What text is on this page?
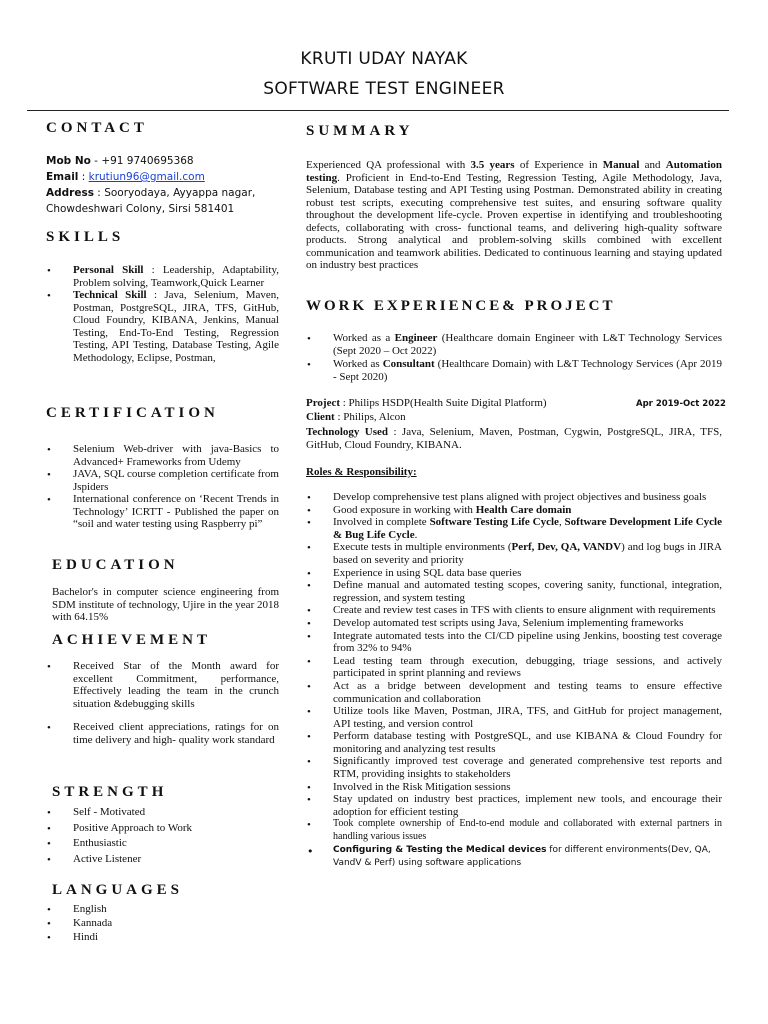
KRUTI UDAY NAYAK
SOFTWARE TEST ENGINEER
CONTACT
Mob No - +91 9740695368
Email : krutiun96@gmail.com
Address : Sooryodaya, Ayyappa nagar,
Chowdeshwari Colony, Sirsi 581401
SKILLS
• Personal Skill : Leadership, Adaptability, Problem solving, Teamwork,Quick Learner
• Technical Skill : Java, Selenium, Maven, Postman, PostgreSQL, JIRA, TFS, GitHub, Cloud Foundry, KIBANA, Jenkins, Manual Testing, End-To-End Testing, Regression Testing, API Testing, Database Testing, Agile Methodology, Eclipse, Postman,
CERTIFICATION
• Selenium Web-driver with java-Basics to Advanced+ Frameworks from Udemy
• JAVA, SQL course completion certificate from Jspiders
• International conference on ‘Recent Trends in Technology’ ICRTT - Published the paper on “soil and water testing using Raspberry pi”
EDUCATION
Bachelor's in computer science engineering from SDM institute of technology, Ujire in the year 2018 with 64.15%
ACHIEVEMENT
• Received Star of the Month award for excellent Commitment, performance, Effectively leading the team in the crunch situation &debugging skills
• Received client appreciations, ratings for on time delivery and high- quality work standard
STRENGTH
• Self - Motivated
• Positive Approach to Work
• Enthusiastic
• Active Listener
LANGUAGES
• English
• Kannada
• Hindi
SUMMARY
Experienced QA professional with 3.5 years of Experience in Manual and Automation testing. Proficient in End-to-End Testing, Regression Testing, Agile Methodology, Java, Selenium, Database testing and API Testing using Postman. Demonstrated ability in creating robust test scripts, executing comprehensive test suites, and ensuring software quality throughout the development life-cycle. Proven expertise in identifying and troubleshooting defects, collaborating with cross- functional teams, and delivering high-quality software products. Strong analytical and problem-solving skills combined with excellent communication and teamwork abilities. Dedicated to continuous learning and staying updated on industry best practices
WORK EXPERIENCE& PROJECT
• Worked as a Engineer (Healthcare domain Engineer with L&T Technology Services (Sept 2020 – Oct 2022)
• Worked as Consultant (Healthcare Domain) with L&T Technology Services (Apr 2019 - Sept 2020)
Project : Philips HSDP(Health Suite Digital Platform)	Apr 2019-Oct 2022
Client : Philips, Alcon
Technology Used : Java, Selenium, Maven, Postman, Cygwin, PostgreSQL, JIRA, TFS, GitHub, Cloud Foundry, KIBANA.
Roles & Responsibility:
• Develop comprehensive test plans aligned with project objectives and business goals
• Good exposure in working with Health Care domain
• Involved in complete Software Testing Life Cycle, Software Development Life Cycle & Bug Life Cycle.
• Execute tests in multiple environments (Perf, Dev, QA, VANDV) and log bugs in JIRA based on severity and priority
• Experience in using SQL data base queries
• Define manual and automated testing scopes, covering sanity, functional, integration, regression, and system testing
• Create and review test cases in TFS with clients to ensure alignment with requirements
• Develop automated test scripts using Java, Selenium implementing frameworks
• Integrate automated tests into the CI/CD pipeline using Jenkins, boosting test coverage from 32% to 94%
• Lead testing team through execution, debugging, triage sessions, and actively participated in sprint planning and reviews
• Act as a bridge between development and testing teams to ensure effective communication and collaboration
• Utilize tools like Maven, Postman, JIRA, TFS, and GitHub for project management, API testing, and version control
• Perform database testing with PostgreSQL, and use KIBANA & Cloud Foundry for monitoring and analyzing test results
• Significantly improved test coverage and generated comprehensive test reports and RTM, providing insights to stakeholders
• Involved in the Risk Mitigation sessions
• Stay updated on industry best practices, implement new tools, and encourage their adoption for efficient testing
• Took complete ownership of End-to-end module and collaborated with external partners in handling various issues
• Configuring & Testing the Medical devices for different environments(Dev, QA, VandV & Perf) using software applications
